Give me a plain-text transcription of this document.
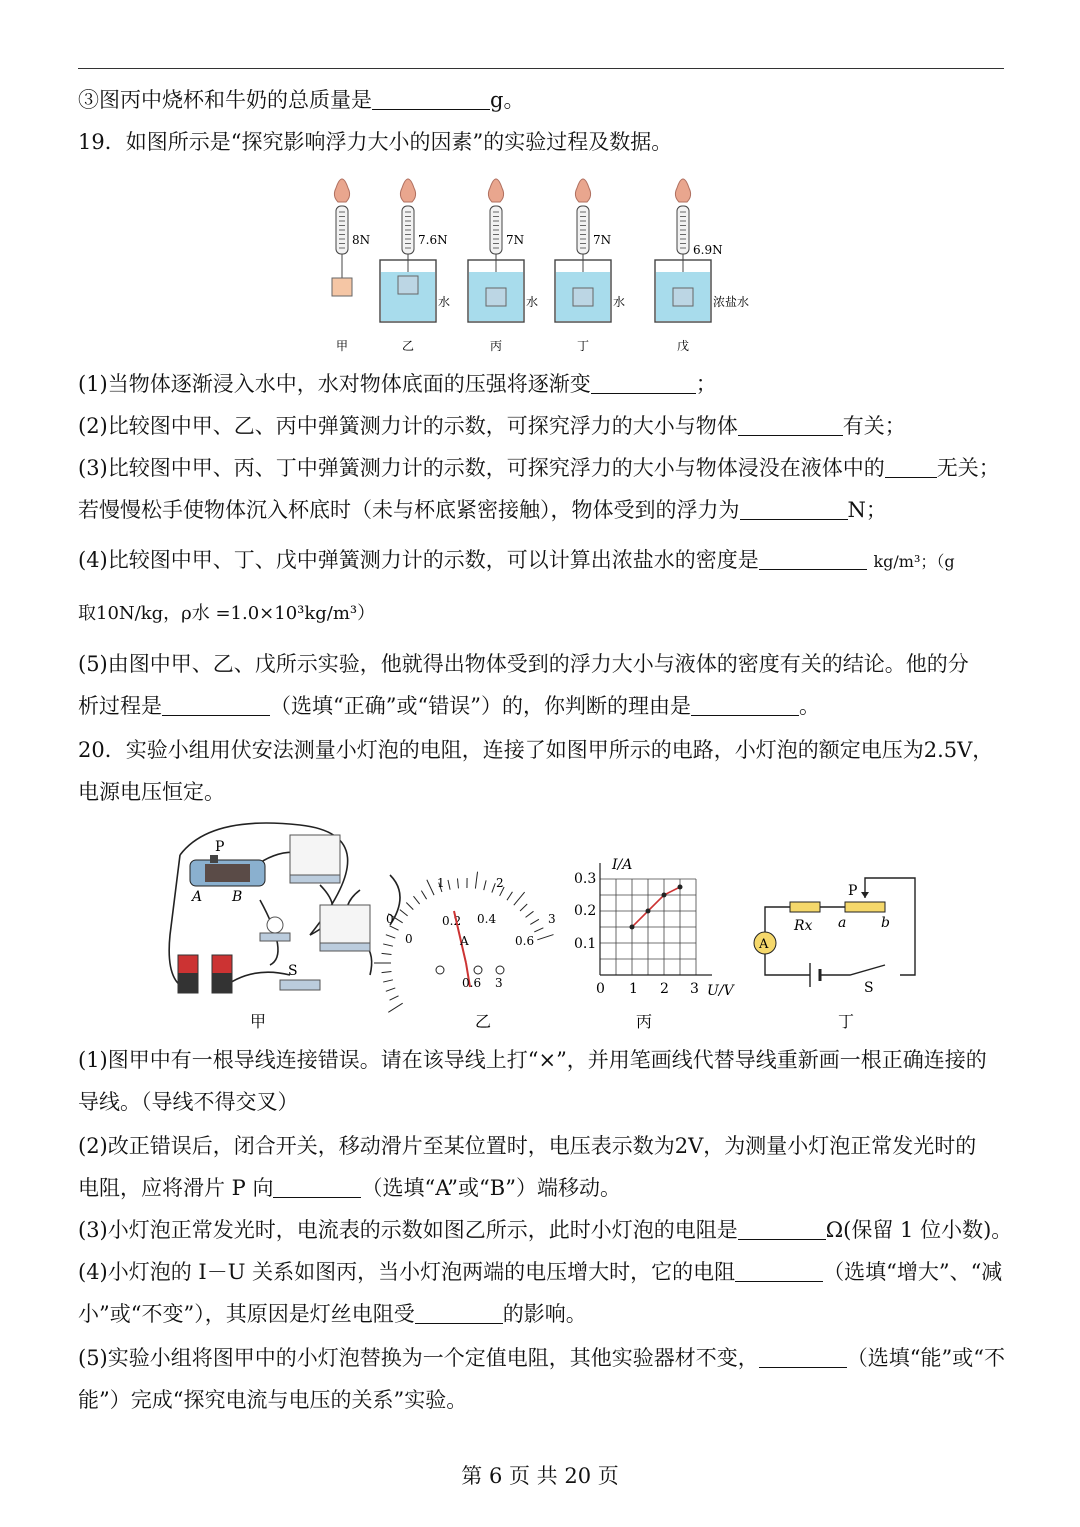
③图丙中烧杯和牛奶的总质量是	g。
19．如图所示是“探究影响浮力大小的因素”的实验过程及数据。
8N
甲
7.6N
水
乙
7N
水
丙
7N
水
丁
6.9N
浓盐水
戊
(1)当物体逐渐浸入水中，水对物体底面的压强将逐渐变	；
(2)比较图中甲、乙、丙中弹簧测力计的示数，可探究浮力的大小与物体	有关；
(3)比较图中甲、丙、丁中弹簧测力计的示数，可探究浮力的大小与物体浸没在液体中的 无关；
若慢慢松手使物体沉入杯底时（未与杯底紧密接触），物体受到的浮力为	N；
(4)比较图中甲、丁、戊中弹簧测力计的示数，可以计算出浓盐水的密度是	kg/m³；（g
取10N/kg，ρ水 =1.0×10³kg/m³）
(5)由图中甲、乙、戊所示实验，他就得出物体受到的浮力大小与液体的密度有关的结论。他的分
析过程是	（选填“正确”或“错误”）的，你判断的理由是	。
20．实验小组用伏安法测量小灯泡的电阻，连接了如图甲所示的电路，小灯泡的额定电压为2.5V，
电源电压恒定。
P
A B
S
甲
1	2
0	3
0
0.2 0.4
0.6
A
0.6 3
乙
I/A
0.3
0.2
0.1
0 1 2 3 U/V
丙
A
P
Rx a b
S
丁
(1)图甲中有一根导线连接错误。请在该导线上打“×”，并用笔画线代替导线重新画一根正确连接的
导线。（导线不得交叉）
(2)改正错误后，闭合开关，移动滑片至某位置时，电压表示数为2V，为测量小灯泡正常发光时的
电阻，应将滑片 P 向	（选填“A”或“B”）端移动。
(3)小灯泡正常发光时，电流表的示数如图乙所示，此时小灯泡的电阻是	Ω(保留 1 位小数)。
(4)小灯泡的 I－U 关系如图丙，当小灯泡两端的电压增大时，它的电阻	（选填“增大”、“减
小”或“不变”），其原因是灯丝电阻受	的影响。
(5)实验小组将图甲中的小灯泡替换为一个定值电阻，其他实验器材不变，	（选填“能”或“不
能”）完成“探究电流与电压的关系”实验。
第 6 页 共 20 页
